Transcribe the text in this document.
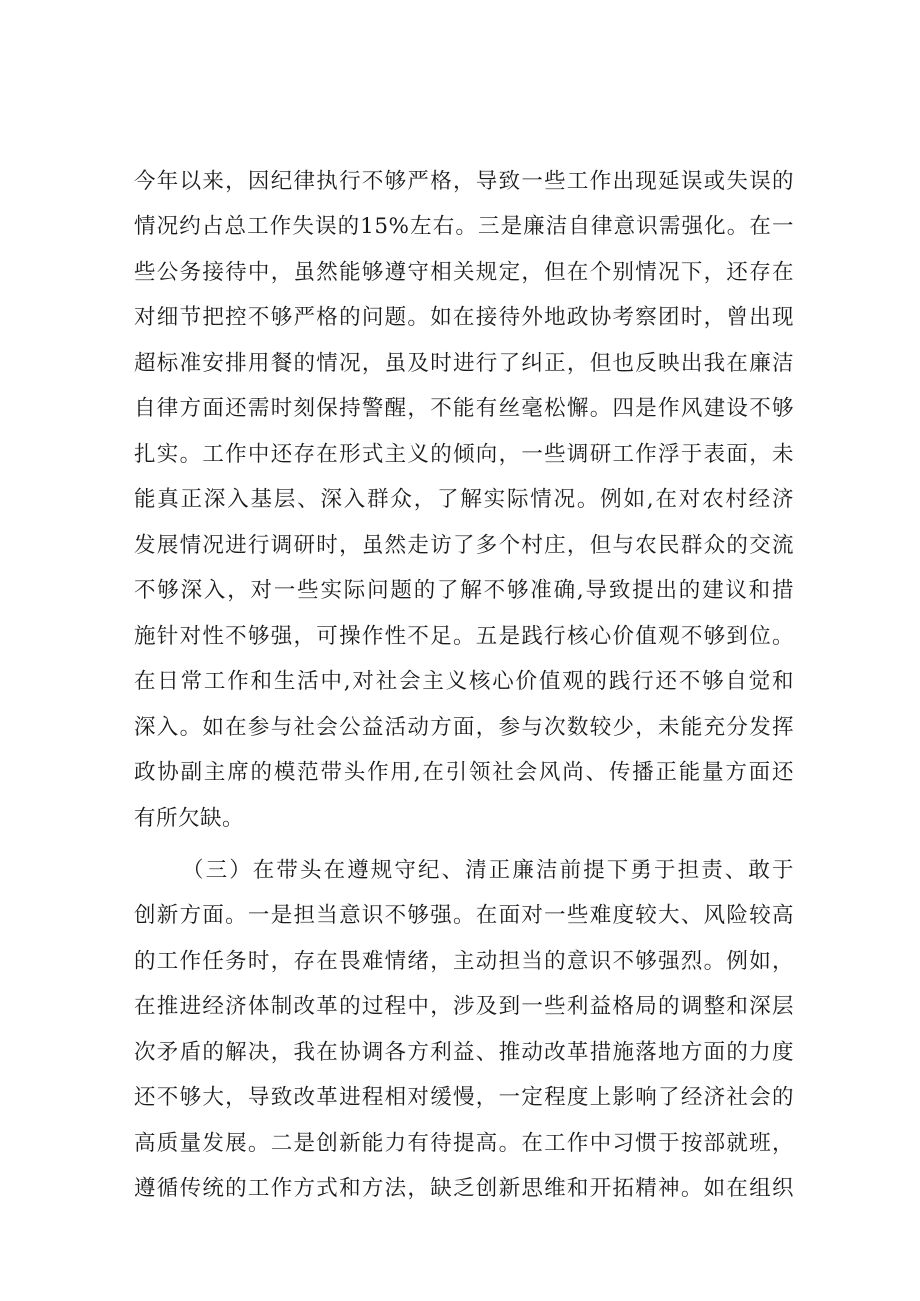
今年以来，因纪律执行不够严格，导致一些工作出现延误或失误的
情况约占总工作失误的15%左右。三是廉洁自律意识需强化。在一
些公务接待中，虽然能够遵守相关规定，但在个别情况下，还存在
对细节把控不够严格的问题。如在接待外地政协考察团时，曾出现
超标准安排用餐的情况，虽及时进行了纠正，但也反映出我在廉洁
自律方面还需时刻保持警醒，不能有丝毫松懈。四是作风建设不够
扎实。工作中还存在形式主义的倾向，一些调研工作浮于表面，未
能真正深入基层、深入群众，了解实际情况。例如,在对农村经济
发展情况进行调研时，虽然走访了多个村庄，但与农民群众的交流
不够深入，对一些实际问题的了解不够准确,导致提出的建议和措
施针对性不够强，可操作性不足。五是践行核心价值观不够到位。
在日常工作和生活中,对社会主义核心价值观的践行还不够自觉和
深入。如在参与社会公益活动方面，参与次数较少，未能充分发挥
政协副主席的模范带头作用,在引领社会风尚、传播正能量方面还
有所欠缺。
（三）在带头在遵规守纪、清正廉洁前提下勇于担责、敢于
创新方面。一是担当意识不够强。在面对一些难度较大、风险较高
的工作任务时，存在畏难情绪，主动担当的意识不够强烈。例如，
在推进经济体制改革的过程中，涉及到一些利益格局的调整和深层
次矛盾的解决，我在协调各方利益、推动改革措施落地方面的力度
还不够大，导致改革进程相对缓慢，一定程度上影响了经济社会的
高质量发展。二是创新能力有待提高。在工作中习惯于按部就班，
遵循传统的工作方式和方法，缺乏创新思维和开拓精神。如在组织
